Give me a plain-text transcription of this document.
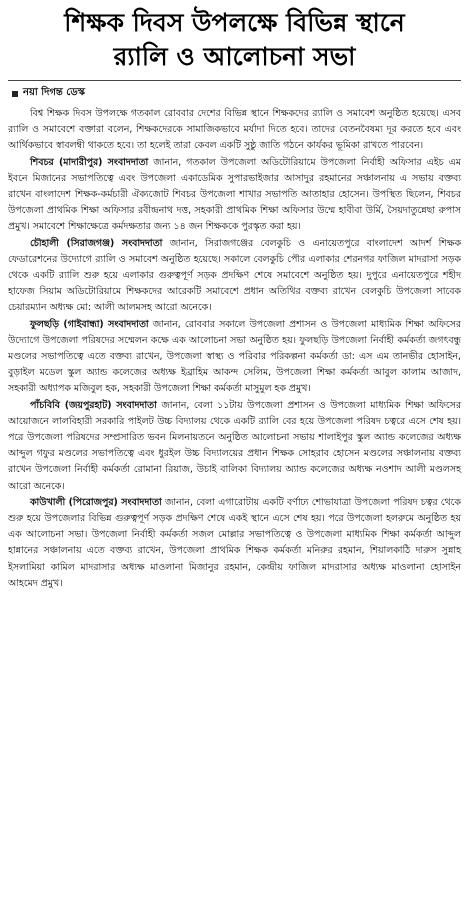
শিক্ষক দিবস উপলক্ষে বিভিন্ন স্থানে
র‍্যালি ও আলোচনা সভা
নয়া দিগন্ত ডেস্ক

বিশ্ব শিক্ষক দিবস উপলক্ষে গতকাল রোববার দেশের বিভিন্ন স্থানে শিক্ষকদের র‍্যালি ও সমাবেশ অনুষ্ঠিত হয়েছে। এসব র‍্যালি ও সমাবেশে বক্তারা বলেন, শিক্ষকদেরকে সামাজিকভাবে মর্যাদা দিতে হবে। তাদের বেতনবৈষম্য দূর করতে হবে এবং আর্থিকভাবে স্বাবলম্বী থাকতে হবে। তা হলেই তারা কেবল একটি সুষ্ঠু জাতি গঠনে কার্যকর ভূমিকা রাখতে পারবেন।

শিবচর (মাদারীপুর) সংবাদদাতা জানান, গতকাল উপজেলা অডিটোরিয়ামে উপজেলা নির্বাহী অফিসার এইচ এম ইবনে মিজানের সভাপতিত্বে এবং উপজেলা একাডেমিক সুপারভাইজার আসাদুর রহমানের সঞ্চালনায় এ সভায় বক্তব্য রাখেন বাংলাদেশ শিক্ষক-কর্মচারী ঐক্যজোট শিবচর উপজেলা শাখার সভাপতি আতাহার হোসেন। উপস্থিত ছিলেন, শিবচর উপজেলা প্রাথমিক শিক্ষা অফিসার রবীন্দ্রনাথ দত্ত, সহকারী প্রাথমিক শিক্ষা অফিসার উম্মে হাবীবা উর্মি, সৈয়দাতুন্নেছা রুপাস প্রমুখ। সমাবেশে শিক্ষাক্ষেত্রে কর্মদক্ষতার জন্য ১৪ জন শিক্ষককে পুরস্কৃত করা হয়।

চৌহালী (সিরাজগঞ্জ) সংবাদদাতা জানান, সিরাজগঞ্জের বেলকুচি ও এনায়েতপুরে বাংলাদেশ আদর্শ শিক্ষক ফেডারেশনের উদ্যোগে র‍্যালি ও সমাবেশ অনুষ্ঠিত হয়েছে। সকালে বেলকুচি পৌর এলাকার শেরনগর ফাজিল মাদরাসা সড়ক থেকে একটি র‍্যালি শুরু হয়ে এলাকার গুরুত্বপূর্ণ সড়ক প্রদক্ষিণ শেষে সমাবেশে অনুষ্ঠিত হয়। দুপুরে এনায়েতপুরে শহীদ হাফেজ সিয়াম অডিটোরিয়ামে শিক্ষকদের আরেকটি সমাবেশে প্রধান অতিথির বক্তব্য রাখেন বেলকুচি উপজেলা সাবেক চেয়ারম্যান অধ্যক্ষ মো: আলী আলমসহ আরো অনেকে।

ফুলছড়ি (গাইবান্ধা) সংবাদদাতা জানান, রোববার সকালে উপজেলা প্রশাসন ও উপজেলা মাধ্যমিক শিক্ষা অফিসের উদ্যোগে উপজেলা পরিষদের সম্মেলন কক্ষে এক আলোচনা সভা অনুষ্ঠিত হয়। ফুলছড়ি উপজেলা নির্বাহী কর্মকর্তা জগৎবন্ধু মণ্ডলের সভাপতিত্বে এতে বক্তব্য রাখেন, উপজেলা স্বাস্থ্য ও পরিবার পরিকল্পনা কর্মকর্তা ডা: এস এম তানভীর হোসাইন, বুড়াইল মডেল স্কুল অ্যান্ড কলেজের অধ্যক্ষ ইব্রাহিম আকন্দ সেলিম, উপজেলা শিক্ষা কর্মকর্তা আবুল কালাম আজাদ, সহকারী অধ্যাপক মজিবুল হক, সহকারী উপজেলা শিক্ষা কর্মকর্তা মাসুমুল হক প্রমুখ।

পাঁচবিবি (জয়পুরহাট) সংবাদদাতা জানান, বেলা ১১টায় উপজেলা প্রশাসন ও উপজেলা মাধ্যমিক শিক্ষা অফিসের আয়োজনে লালবিহারী সরকারি পাইলট উচ্চ বিদ্যালয় থেকে একটি র‍্যালি বের হয়ে উপজেলা পরিষদ চত্বরে এসে শেষ হয়। পরে উপজেলা পরিষদের সম্প্রসারিত ভবন মিলনায়তনে অনুষ্ঠিত আলোচনা সভায় শালাইপুর স্কুল অ্যান্ড কলেজের অধ্যক্ষ আব্দুল গফুর মণ্ডলের সভাপতিত্বে এবং ধুরইল উচ্চ বিদ্যালয়ের প্রধান শিক্ষক সোহরাব হোসেন মণ্ডলের সঞ্চালনায় বক্তব্য রাখেন উপজেলা নির্বাহী কর্মকর্তা রোমানা রিয়াজ, উচাই বালিকা বিদ্যালয় অ্যান্ড কলেজের অধ্যক্ষ নওশাদ আলী মণ্ডলসহ আরো অনেকে।

কাউখালী (পিরোজপুর) সংবাদদাতা জানান, বেলা এগারোটায় একটি বর্ণাঢ্য শোভাযাত্রা উপজেলা পরিষদ চত্বর থেকে শুরু হয়ে উপজেলার বিভিন্ন গুরুত্বপূর্ণ সড়ক প্রদক্ষিণ শেষে একই স্থানে এসে শেষ হয়। পরে উপজেলা হলরুমে অনুষ্ঠিত হয় এক আলোচনা সভা। উপজেলা নির্বাহী কর্মকর্তা সজল মোল্লার সভাপতিত্বে ও উপজেলা মাধ্যমিক শিক্ষা কর্মকর্তা আব্দুল হান্নানের সঞ্চালনায় এতে বক্তব্য রাখেন, উপজেলা প্রাথমিক শিক্ষক কর্মকর্তা মনিরুর রহমান, শিয়ালকাঠি দারুস সুন্নাহ ইসলামিয়া কামিল মাদরাসার অধ্যক্ষ মাওলানা মিজানুর রহমান, কেন্দ্রীয় ফাজিল মাদরাসার অধ্যক্ষ মাওলানা হোসাইন আহমেদ প্রমুখ।
